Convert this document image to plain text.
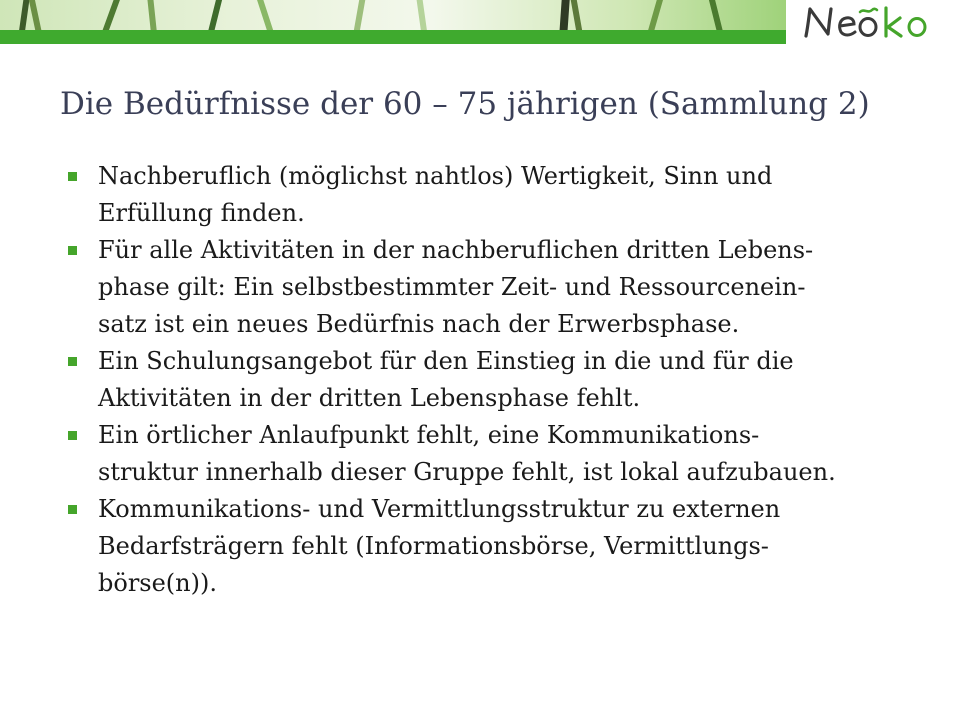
Die Bedürfnisse der 60 – 75 jährigen (Sammlung 2)
Nachberuflich (möglichst nahtlos) Wertigkeit, Sinn und
Erfüllung finden.
Für alle Aktivitäten in der nachberuflichen dritten Lebens-
phase gilt: Ein selbstbestimmter Zeit- und Ressourcenein-
satz ist ein neues Bedürfnis nach der Erwerbsphase.
Ein Schulungsangebot für den Einstieg in die und für die
Aktivitäten in der dritten Lebensphase fehlt.
Ein örtlicher Anlaufpunkt fehlt, eine Kommunikations-
struktur innerhalb dieser Gruppe fehlt, ist lokal aufzubauen.
Kommunikations- und Vermittlungsstruktur zu externen
Bedarfsträgern fehlt (Informationsbörse, Vermittlungs-
börse(n)).
